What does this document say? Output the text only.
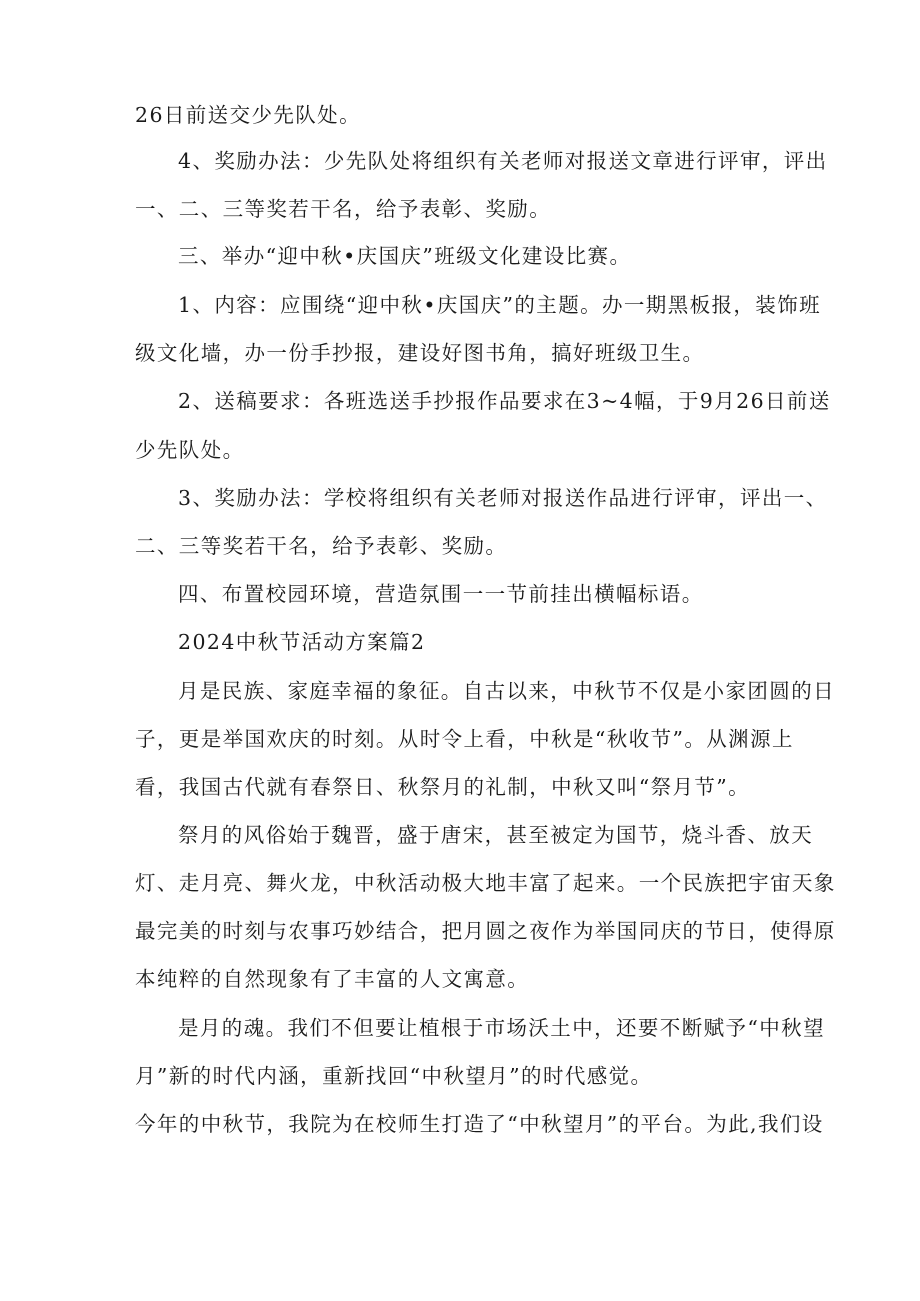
26日前送交少先队处。
4、奖励办法：少先队处将组织有关老师对报送文章进行评审，评出
一、二、三等奖若干名，给予表彰、奖励。
三、举办“迎中秋•庆国庆”班级文化建设比赛。
1、内容：应围绕“迎中秋•庆国庆”的主题。办一期黑板报，装饰班
级文化墙，办一份手抄报，建设好图书角，搞好班级卫生。
2、送稿要求：各班选送手抄报作品要求在3~4幅，于9月26日前送
少先队处。
3、奖励办法：学校将组织有关老师对报送作品进行评审，评出一、
二、三等奖若干名，给予表彰、奖励。
四、布置校园环境，营造氛围一一节前挂出横幅标语。
2024中秋节活动方案篇2
月是民族、家庭幸福的象征。自古以来，中秋节不仅是小家团圆的日
子，更是举国欢庆的时刻。从时令上看，中秋是“秋收节”。从渊源上
看，我国古代就有春祭日、秋祭月的礼制，中秋又叫“祭月节”。
祭月的风俗始于魏晋，盛于唐宋，甚至被定为国节，烧斗香、放天
灯、走月亮、舞火龙，中秋活动极大地丰富了起来。一个民族把宇宙天象
最完美的时刻与农事巧妙结合，把月圆之夜作为举国同庆的节日，使得原
本纯粹的自然现象有了丰富的人文寓意。
是月的魂。我们不但要让植根于市场沃土中，还要不断赋予“中秋望
月”新的时代内涵，重新找回“中秋望月”的时代感觉。
今年的中秋节，我院为在校师生打造了“中秋望月”的平台。为此,我们设
